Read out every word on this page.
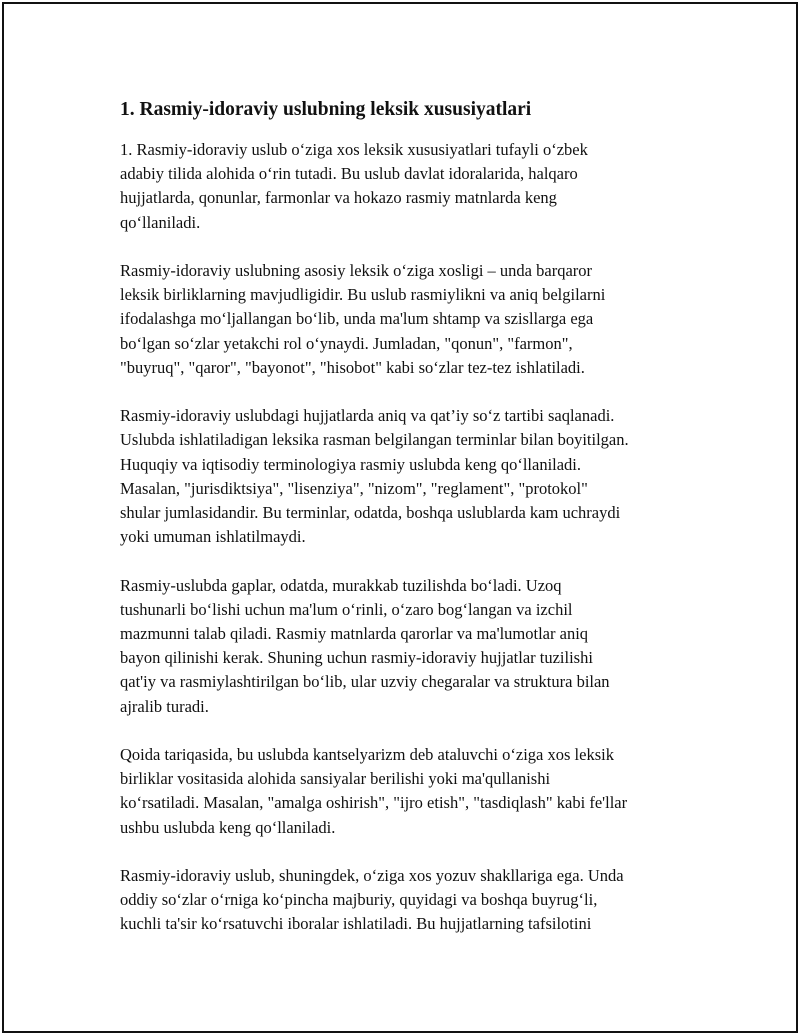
1. Rasmiy-idoraviy uslubning leksik xususiyatlari

1. Rasmiy-idoraviy uslub o‘ziga xos leksik xususiyatlari tufayli o‘zbek
adabiy tilida alohida o‘rin tutadi. Bu uslub davlat idoralarida, halqaro
hujjatlarda, qonunlar, farmonlar va hokazo rasmiy matnlarda keng
qo‘llaniladi.

Rasmiy-idoraviy uslubning asosiy leksik o‘ziga xosligi – unda barqaror
leksik birliklarning mavjudligidir. Bu uslub rasmiylikni va aniq belgilarni
ifodalashga mo‘ljallangan bo‘lib, unda ma'lum shtamp va szisllarga ega
bo‘lgan so‘zlar yetakchi rol o‘ynaydi. Jumladan, "qonun", "farmon",
"buyruq", "qaror", "bayonot", "hisobot" kabi so‘zlar tez-tez ishlatiladi.

Rasmiy-idoraviy uslubdagi hujjatlarda aniq va qat’iy so‘z tartibi saqlanadi.
Uslubda ishlatiladigan leksika rasman belgilangan terminlar bilan boyitilgan.
Huquqiy va iqtisodiy terminologiya rasmiy uslubda keng qo‘llaniladi.
Masalan, "jurisdiktsiya", "lisenziya", "nizom", "reglament", "protokol"
shular jumlasidandir. Bu terminlar, odatda, boshqa uslublarda kam uchraydi
yoki umuman ishlatilmaydi.

Rasmiy-uslubda gaplar, odatda, murakkab tuzilishda bo‘ladi. Uzoq
tushunarli bo‘lishi uchun ma'lum o‘rinli, o‘zaro bog‘langan va izchil
mazmunni talab qiladi. Rasmiy matnlarda qarorlar va ma'lumotlar aniq
bayon qilinishi kerak. Shuning uchun rasmiy-idoraviy hujjatlar tuzilishi
qat'iy va rasmiylashtirilgan bo‘lib, ular uzviy chegaralar va struktura bilan
ajralib turadi.

Qoida tariqasida, bu uslubda kantselyarizm deb ataluvchi o‘ziga xos leksik
birliklar vositasida alohida sansiyalar berilishi yoki ma'qullanishi
ko‘rsatiladi. Masalan, "amalga oshirish", "ijro etish", "tasdiqlash" kabi fe'llar
ushbu uslubda keng qo‘llaniladi.

Rasmiy-idoraviy uslub, shuningdek, o‘ziga xos yozuv shakllariga ega. Unda
oddiy so‘zlar o‘rniga ko‘pincha majburiy, quyidagi va boshqa buyrug‘li,
kuchli ta'sir ko‘rsatuvchi iboralar ishlatiladi. Bu hujjatlarning tafsilotini
